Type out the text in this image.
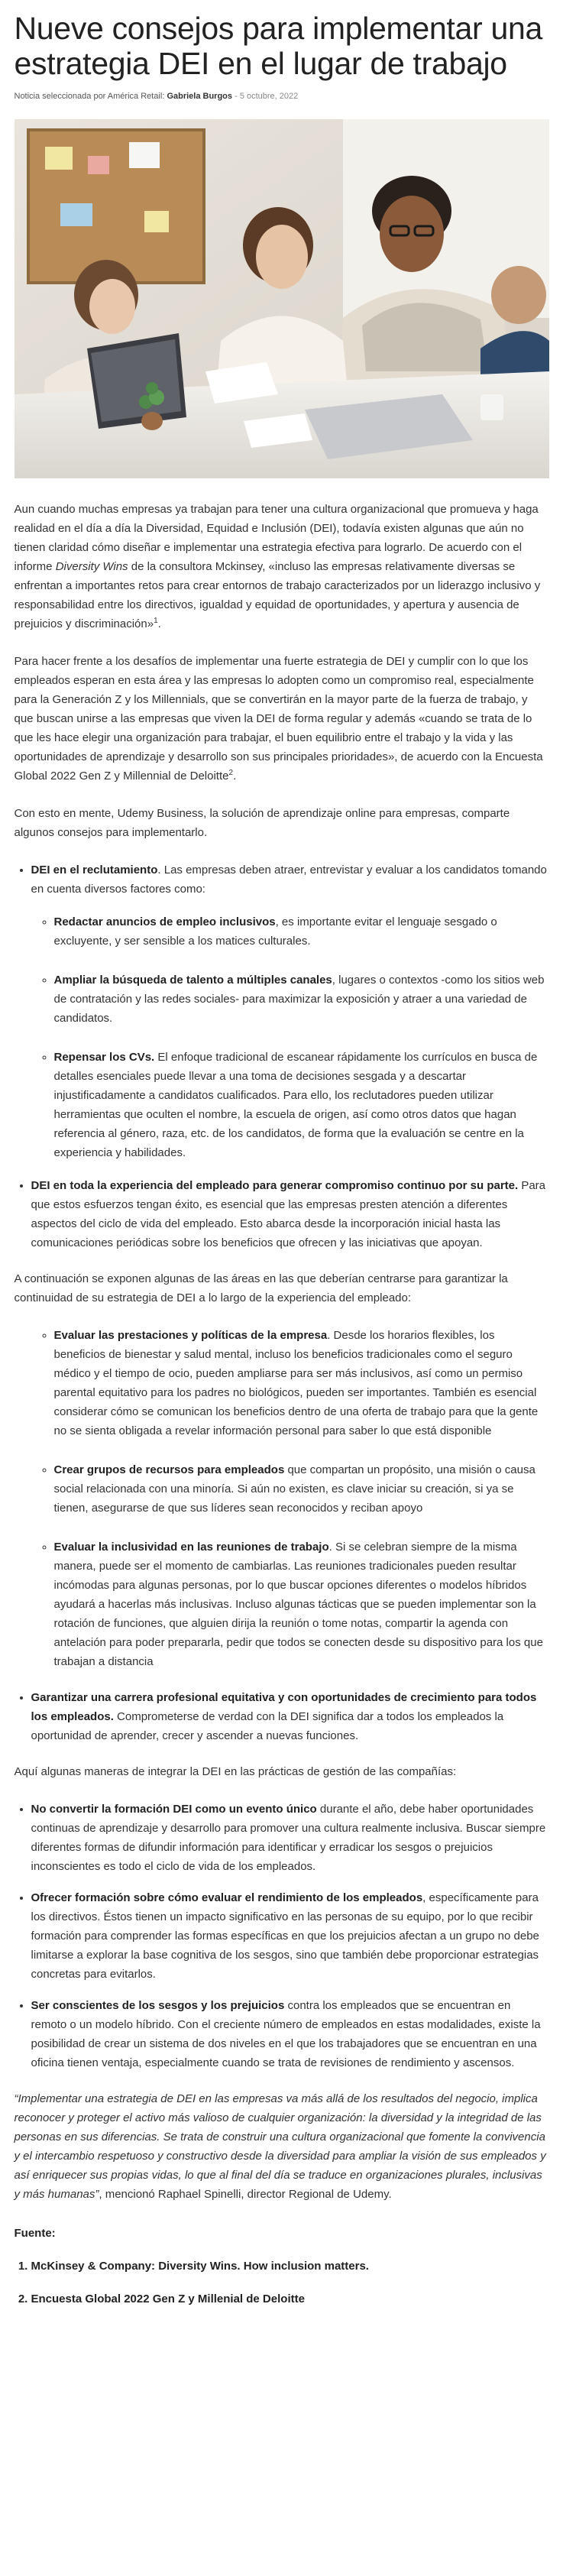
Nueve consejos para implementar una estrategia DEI en el lugar de trabajo
Noticia seleccionada por América Retail: Gabriela Burgos - 5 octubre, 2022

Aun cuando muchas empresas ya trabajan para tener una cultura organizacional que promueva y haga realidad en el día a día la Diversidad, Equidad e Inclusión (DEI), todavía existen algunas que aún no tienen claridad cómo diseñar e implementar una estrategia efectiva para lograrlo. De acuerdo con el informe Diversity Wins de la consultora Mckinsey, «incluso las empresas relativamente diversas se enfrentan a importantes retos para crear entornos de trabajo caracterizados por un liderazgo inclusivo y responsabilidad entre los directivos, igualdad y equidad de oportunidades, y apertura y ausencia de prejuicios y discriminación»$^1$.

Para hacer frente a los desafíos de implementar una fuerte estrategia de DEI y cumplir con lo que los empleados esperan en esta área y las empresas lo adopten como un compromiso real, especialmente para la Generación Z y los Millennials, que se convertirán en la mayor parte de la fuerza de trabajo, y que buscan unirse a las empresas que viven la DEI de forma regular y además «cuando se trata de lo que les hace elegir una organización para trabajar, el buen equilibrio entre el trabajo y la vida y las oportunidades de aprendizaje y desarrollo son sus principales prioridades», de acuerdo con la Encuesta Global 2022 Gen Z y Millennial de Deloitte$^2$.

Con esto en mente, Udemy Business, la solución de aprendizaje online para empresas, comparte algunos consejos para implementarlo.

• DEI en el reclutamiento. Las empresas deben atraer, entrevistar y evaluar a los candidatos tomando en cuenta diversos factores como:
◦ Redactar anuncios de empleo inclusivos, es importante evitar el lenguaje sesgado o excluyente, y ser sensible a los matices culturales.
◦ Ampliar la búsqueda de talento a múltiples canales, lugares o contextos -como los sitios web de contratación y las redes sociales- para maximizar la exposición y atraer a una variedad de candidatos.
◦ Repensar los CVs. El enfoque tradicional de escanear rápidamente los currículos en busca de detalles esenciales puede llevar a una toma de decisiones sesgada y a descartar injustificadamente a candidatos cualificados. Para ello, los reclutadores pueden utilizar herramientas que oculten el nombre, la escuela de origen, así como otros datos que hagan referencia al género, raza, etc. de los candidatos, de forma que la evaluación se centre en la experiencia y habilidades.
• DEI en toda la experiencia del empleado para generar compromiso continuo por su parte. Para que estos esfuerzos tengan éxito, es esencial que las empresas presten atención a diferentes aspectos del ciclo de vida del empleado. Esto abarca desde la incorporación inicial hasta las comunicaciones periódicas sobre los beneficios que ofrecen y las iniciativas que apoyan.

A continuación se exponen algunas de las áreas en las que deberían centrarse para garantizar la continuidad de su estrategia de DEI a lo largo de la experiencia del empleado:

◦ Evaluar las prestaciones y políticas de la empresa. Desde los horarios flexibles, los beneficios de bienestar y salud mental, incluso los beneficios tradicionales como el seguro médico y el tiempo de ocio, pueden ampliarse para ser más inclusivos, así como un permiso parental equitativo para los padres no biológicos, pueden ser importantes. También es esencial considerar cómo se comunican los beneficios dentro de una oferta de trabajo para que la gente no se sienta obligada a revelar información personal para saber lo que está disponible
◦ Crear grupos de recursos para empleados que compartan un propósito, una misión o causa social relacionada con una minoría. Si aún no existen, es clave iniciar su creación, si ya se tienen, asegurarse de que sus líderes sean reconocidos y reciban apoyo
◦ Evaluar la inclusividad en las reuniones de trabajo. Si se celebran siempre de la misma manera, puede ser el momento de cambiarlas. Las reuniones tradicionales pueden resultar incómodas para algunas personas, por lo que buscar opciones diferentes o modelos híbridos ayudará a hacerlas más inclusivas. Incluso algunas tácticas que se pueden implementar son la rotación de funciones, que alguien dirija la reunión o tome notas, compartir la agenda con antelación para poder prepararla, pedir que todos se conecten desde su dispositivo para los que trabajan a distancia
• Garantizar una carrera profesional equitativa y con oportunidades de crecimiento para todos los empleados. Comprometerse de verdad con la DEI significa dar a todos los empleados la oportunidad de aprender, crecer y ascender a nuevas funciones.

Aquí algunas maneras de integrar la DEI en las prácticas de gestión de las compañías:

• No convertir la formación DEI como un evento único durante el año, debe haber oportunidades continuas de aprendizaje y desarrollo para promover una cultura realmente inclusiva. Buscar siempre diferentes formas de difundir información para identificar y erradicar los sesgos o prejuicios inconscientes es todo el ciclo de vida de los empleados.
• Ofrecer formación sobre cómo evaluar el rendimiento de los empleados, específicamente para los directivos. Éstos tienen un impacto significativo en las personas de su equipo, por lo que recibir formación para comprender las formas específicas en que los prejuicios afectan a un grupo no debe limitarse a explorar la base cognitiva de los sesgos, sino que también debe proporcionar estrategias concretas para evitarlos.
• Ser conscientes de los sesgos y los prejuicios contra los empleados que se encuentran en remoto o un modelo híbrido. Con el creciente número de empleados en estas modalidades, existe la posibilidad de crear un sistema de dos niveles en el que los trabajadores que se encuentran en una oficina tienen ventaja, especialmente cuando se trata de revisiones de rendimiento y ascensos.

“Implementar una estrategia de DEI en las empresas va más allá de los resultados del negocio, implica reconocer y proteger el activo más valioso de cualquier organización: la diversidad y la integridad de las personas en sus diferencias. Se trata de construir una cultura organizacional que fomente la convivencia y el intercambio respetuoso y constructivo desde la diversidad para ampliar la visión de sus empleados y así enriquecer sus propias vidas, lo que al final del día se traduce en organizaciones plurales, inclusivas y más humanas”, mencionó Raphael Spinelli, director Regional de Udemy.

Fuente:
1. McKinsey & Company: Diversity Wins. How inclusion matters.
2. Encuesta Global 2022 Gen Z y Millenial de Deloitte
